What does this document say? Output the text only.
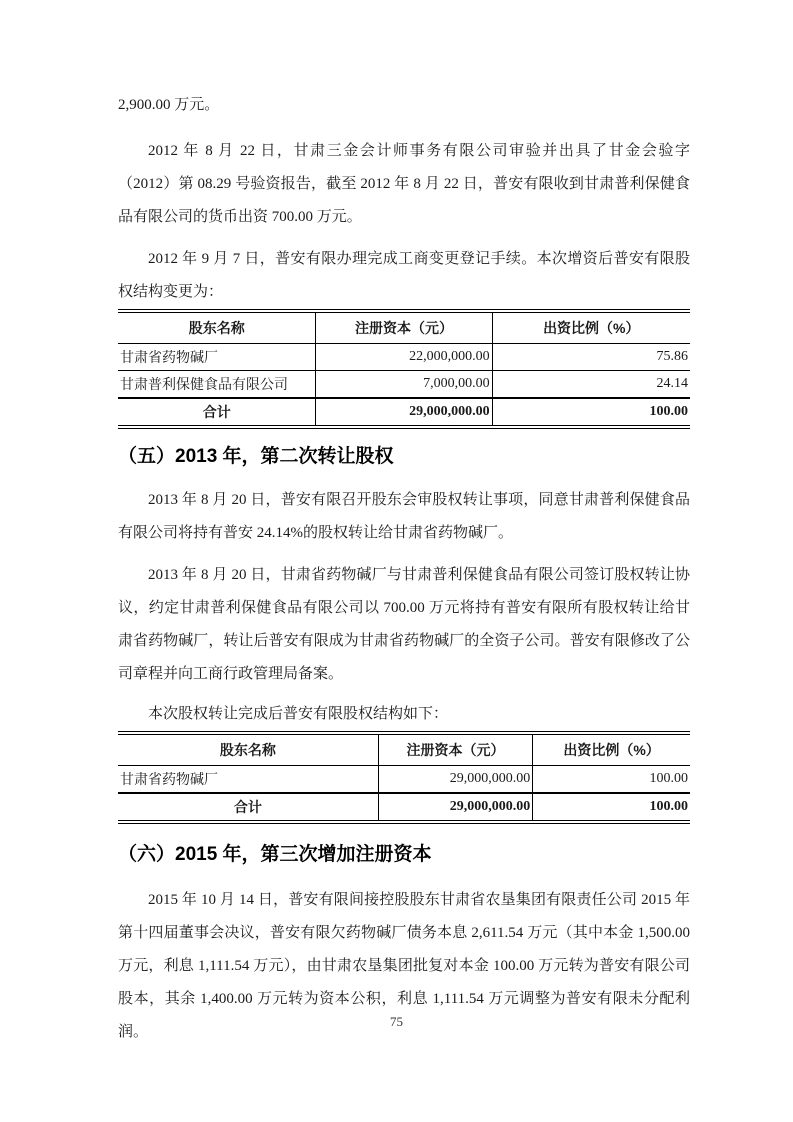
2,900.00 万元。

2012 年 8 月 22 日，甘肃三金会计师事务有限公司审验并出具了甘金会验字（2012）第 08.29 号验资报告，截至 2012 年 8 月 22 日，普安有限收到甘肃普利保健食品有限公司的货币出资 700.00 万元。

2012 年 9 月 7 日，普安有限办理完成工商变更登记手续。本次增资后普安有限股权结构变更为：

股东名称	注册资本（元）	出资比例（%）
甘肃省药物碱厂	22,000,000.00	75.86
甘肃普利保健食品有限公司	7,000,00.00	24.14
合计	29,000,000.00	100.00
（五）2013 年，第二次转让股权

2013 年 8 月 20 日，普安有限召开股东会审股权转让事项，同意甘肃普利保健食品有限公司将持有普安 24.14%的股权转让给甘肃省药物碱厂。

2013 年 8 月 20 日，甘肃省药物碱厂与甘肃普利保健食品有限公司签订股权转让协议，约定甘肃普利保健食品有限公司以 700.00 万元将持有普安有限所有股权转让给甘肃省药物碱厂，转让后普安有限成为甘肃省药物碱厂的全资子公司。普安有限修改了公司章程并向工商行政管理局备案。

本次股权转让完成后普安有限股权结构如下：

股东名称	注册资本（元）	出资比例（%）
甘肃省药物碱厂	29,000,000.00	100.00
合计	29,000,000.00	100.00
（六）2015 年，第三次增加注册资本

2015 年 10 月 14 日，普安有限间接控股股东甘肃省农垦集团有限责任公司 2015 年第十四届董事会决议，普安有限欠药物碱厂债务本息 2,611.54 万元（其中本金 1,500.00 万元，利息 1,111.54 万元），由甘肃农垦集团批复对本金 100.00 万元转为普安有限公司股本，其余 1,400.00 万元转为资本公积，利息 1,111.54 万元调整为普安有限未分配利润。

75
